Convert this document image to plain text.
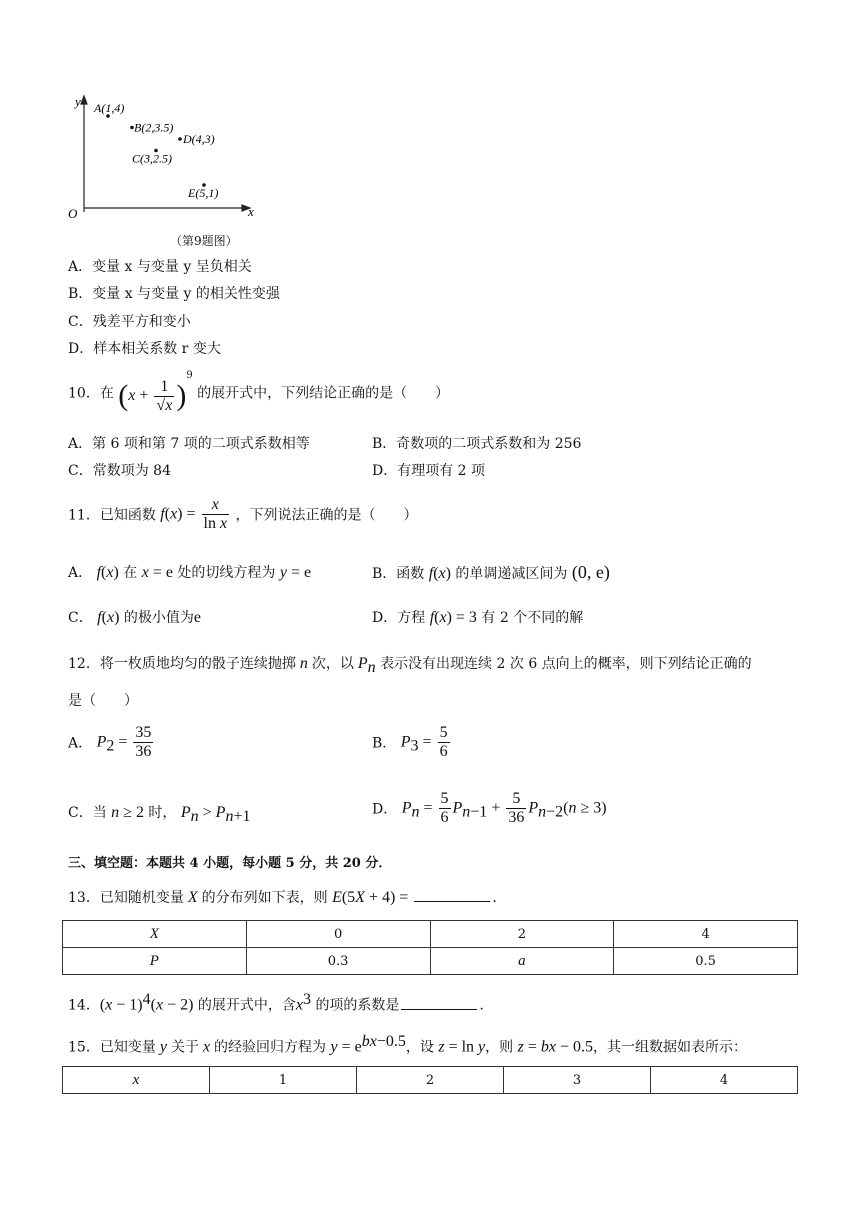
y
x
O
A(1,4)
B(2,3.5)
D(4,3)
C(3,2.5)
E(5,1)
（第9题图）
A．变量 x 与变量 y 呈负相关
B．变量 x 与变量 y 的相关性变强
C．残差平方和变小
D．样本相关系数 r 变大
10．在 $(x + \frac{1}{√x} )^9$ 的展开式中，下列结论正确的是（　　）
A．第 6 项和第 7 项的二项式系数相等	B．奇数项的二项式系数和为 256
C．常数项为 84	D．有理项有 2 项
11．已知函数 $f(x) = \frac{x}{\text{ln x}}$ ，下列说法正确的是（　　）
A． f(x) 在 x = e 处的切线方程为 y = e	B．函数 f(x) 的单调递减区间为 (0, e)
C． f(x) 的极小值为e	D．方程 f(x) = 3 有 2 个不同的解
12．将一枚质地均匀的骰子连续抛掷 n 次，以 $P_n$ 表示没有出现连续 2 次 6 点向上的概率，则下列结论正确的
是（　　）
A． $P_2 = \frac{35}{36}$	B． $P_3 = \frac{5}{6}$
C．当 n ≥ 2 时， $P_n > P_{n+1}$	D． $P_n = \frac{5}{6} P_{n-1} + \frac{5}{36} P_{n-2}(n \ge 3)$
三、填空题：本题共 4 小题，每小题 5 分，共 20 分．
13．已知随机变量 X 的分布列如下表，则 E(5X + 4) =	．
X	0	2	4
P	0.3	a	0.5
14．$(x - 1)^4(x - 2)$ 的展开式中，含$x^3$ 的项的系数是	．
15．已知变量 y 关于 x 的经验回归方程为 $y = e^{bx-0.5}$，设 z = ln y，则 z = bx − 0.5，其一组数据如表所示：
x	1	2	3	4
